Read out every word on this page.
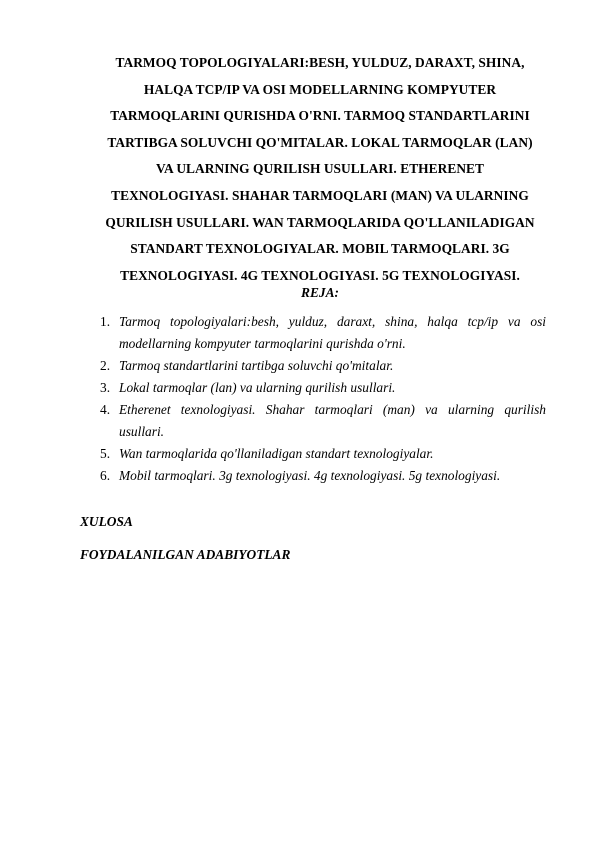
TARMOQ TOPOLOGIYALARI:BESH, YULDUZ, DARAXT, SHINA,
HALQA TCP/IP VA OSI MODELLARNING KOMPYUTER
TARMOQLARINI QURISHDA O'RNI. TARMOQ STANDARTLARINI
TARTIBGA SOLUVCHI QO'MITALAR. LOKAL TARMOQLAR (LAN)
VA ULARNING QURILISH USULLARI. ETHERENET
TEXNOLOGIYASI. SHAHAR TARMOQLARI (MAN) VA ULARNING
QURILISH USULLARI. WAN TARMOQLARIDA QO'LLANILADIGAN
STANDART TEXNOLOGIYALAR. MOBIL TARMOQLARI. 3G
TEXNOLOGIYASI. 4G TEXNOLOGIYASI. 5G TEXNOLOGIYASI.
REJA:
1. Tarmoq topologiyalari:besh, yulduz, daraxt, shina, halqa tcp/ip va osi
modellarning kompyuter tarmoqlarini qurishda o'rni.
2. Tarmoq standartlarini tartibga soluvchi qo'mitalar.
3. Lokal tarmoqlar (lan) va ularning qurilish usullari.
4. Etherenet texnologiyasi. Shahar tarmoqlari (man) va ularning qurilish
usullari.
5. Wan tarmoqlarida qo'llaniladigan standart texnologiyalar.
6. Mobil tarmoqlari. 3g texnologiyasi. 4g texnologiyasi. 5g texnologiyasi.
XULOSA
FOYDALANILGAN ADABIYOTLAR
